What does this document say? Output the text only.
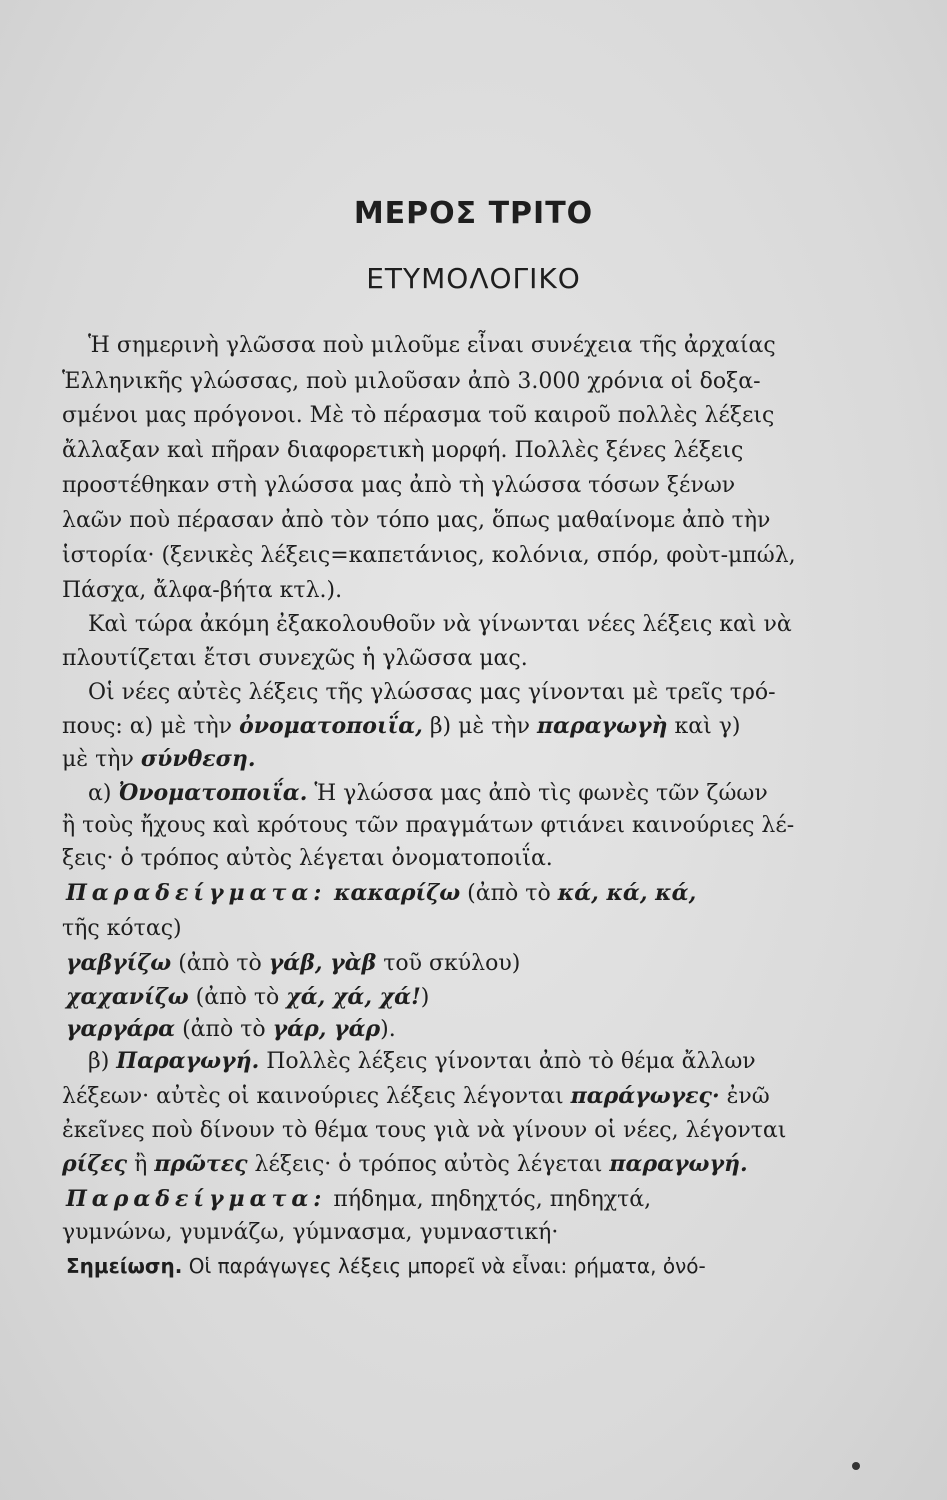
ΜΕΡΟΣ ΤΡΙΤΟ
ΕΤΥΜΟΛΟΓΙΚΟ
Ἡ σημερινὴ γλῶσσα ποὺ μιλοῦμε εἶναι συνέχεια τῆς ἀρχαίας
Ἑλληνικῆς γλώσσας, ποὺ μιλοῦσαν ἀπὸ 3.000 χρόνια οἱ δοξα-
σμένοι μας πρόγονοι. Μὲ τὸ πέρασμα τοῦ καιροῦ πολλὲς λέξεις
ἄλλαξαν καὶ πῆραν διαφορετικὴ μορφή. Πολλὲς ξένες λέξεις
προστέθηκαν στὴ γλώσσα μας ἀπὸ τὴ γλώσσα τόσων ξένων
λαῶν ποὺ πέρασαν ἀπὸ τὸν τόπο μας, ὅπως μαθαίνομε ἀπὸ τὴν
ἱστορία· (ξενικὲς λέξεις=καπετάνιος, κολόνια, σπόρ, φοὺτ-μπώλ,
Πάσχα, ἄλφα-βήτα κτλ.).
Καὶ τώρα ἀκόμη ἐξακολουθοῦν νὰ γίνωνται νέες λέξεις καὶ νὰ
πλουτίζεται ἔτσι συνεχῶς ἡ γλῶσσα μας.
Οἱ νέες αὐτὲς λέξεις τῆς γλώσσας μας γίνονται μὲ τρεῖς τρό-
πους: α) μὲ τὴν ὀνοματοποιΐα, β) μὲ τὴν παραγωγὴ καὶ γ)
μὲ τὴν σύνθεση.
α) Ὀνοματοποιΐα. Ἡ γλώσσα μας ἀπὸ τὶς φωνὲς τῶν ζώων
ἢ τοὺς ἤχους καὶ κρότους τῶν πραγμάτων φτιάνει καινούριες λέ-
ξεις· ὁ τρόπος αὐτὸς λέγεται ὀνοματοποιΐα.
Παραδείγματα: κακαρίζω (ἀπὸ τὸ κά, κά, κά,
τῆς κότας)
γαβγίζω (ἀπὸ τὸ γάβ, γὰβ τοῦ σκύλου)
χαχανίζω (ἀπὸ τὸ χά, χά, χά!)
γαργάρα (ἀπὸ τὸ γάρ, γάρ).
β) Παραγωγή. Πολλὲς λέξεις γίνονται ἀπὸ τὸ θέμα ἄλλων
λέξεων· αὐτὲς οἱ καινούριες λέξεις λέγονται παράγωγες· ἐνῶ
ἐκεῖνες ποὺ δίνουν τὸ θέμα τους γιὰ νὰ γίνουν οἱ νέες, λέγονται
ρίζες ἢ πρῶτες λέξεις· ὁ τρόπος αὐτὸς λέγεται παραγωγή.
Παραδείγματα: πήδημα, πηδηχτός, πηδηχτά,
γυμνώνω, γυμνάζω, γύμνασμα, γυμναστική·
Σημείωση. Οἱ παράγωγες λέξεις μπορεῖ νὰ εἶναι: ρήματα, ὀνό-
